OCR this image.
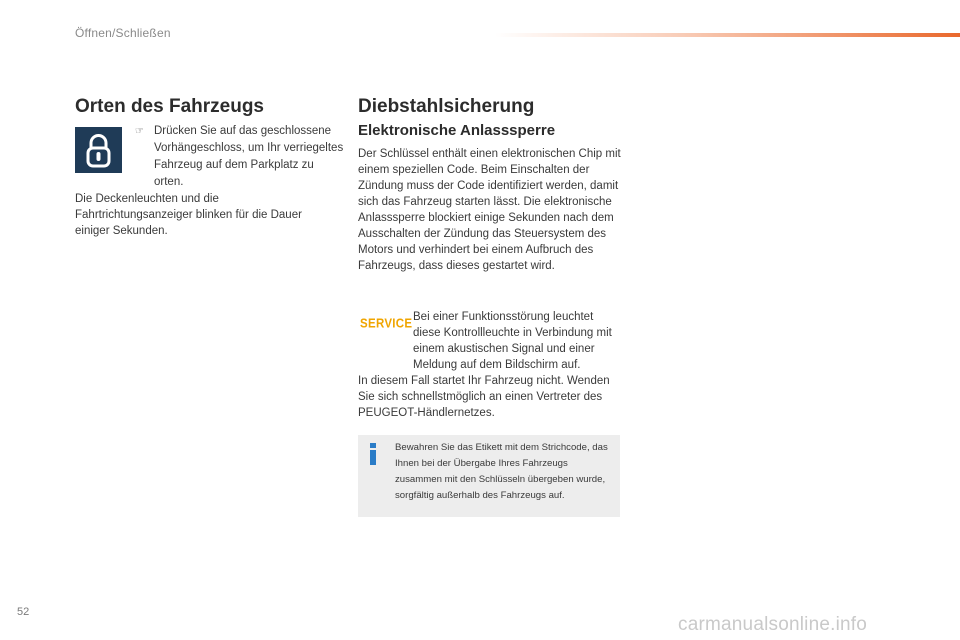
Öffnen/Schließen
Orten des Fahrzeugs
☞ Drücken Sie auf das geschlossene Vorhängeschloss, um Ihr verriegeltes Fahrzeug auf dem Parkplatz zu orten.

Die Deckenleuchten und die Fahrtrichtungsanzeiger blinken für die Dauer einiger Sekunden.

Diebstahlsicherung
Elektronische Anlasssperre

Der Schlüssel enthält einen elektronischen Chip mit einem speziellen Code. Beim Einschalten der Zündung muss der Code identifiziert werden, damit sich das Fahrzeug starten lässt. Die elektronische Anlasssperre blockiert einige Sekunden nach dem Ausschalten der Zündung das Steuersystem des Motors und verhindert bei einem Aufbruch des Fahrzeugs, dass dieses gestartet wird.

SERVICE

Bei einer Funktionsstörung leuchtet diese Kontrollleuchte in Verbindung mit einem akustischen Signal und einer Meldung auf dem Bildschirm auf.

In diesem Fall startet Ihr Fahrzeug nicht. Wenden Sie sich schnellstmöglich an einen Vertreter des PEUGEOT-Händlernetzes.

Bewahren Sie das Etikett mit dem Strichcode, das Ihnen bei der Übergabe Ihres Fahrzeugs zusammen mit den Schlüsseln übergeben wurde, sorgfältig außerhalb des Fahrzeugs auf.
52
carmanualsonline.info
